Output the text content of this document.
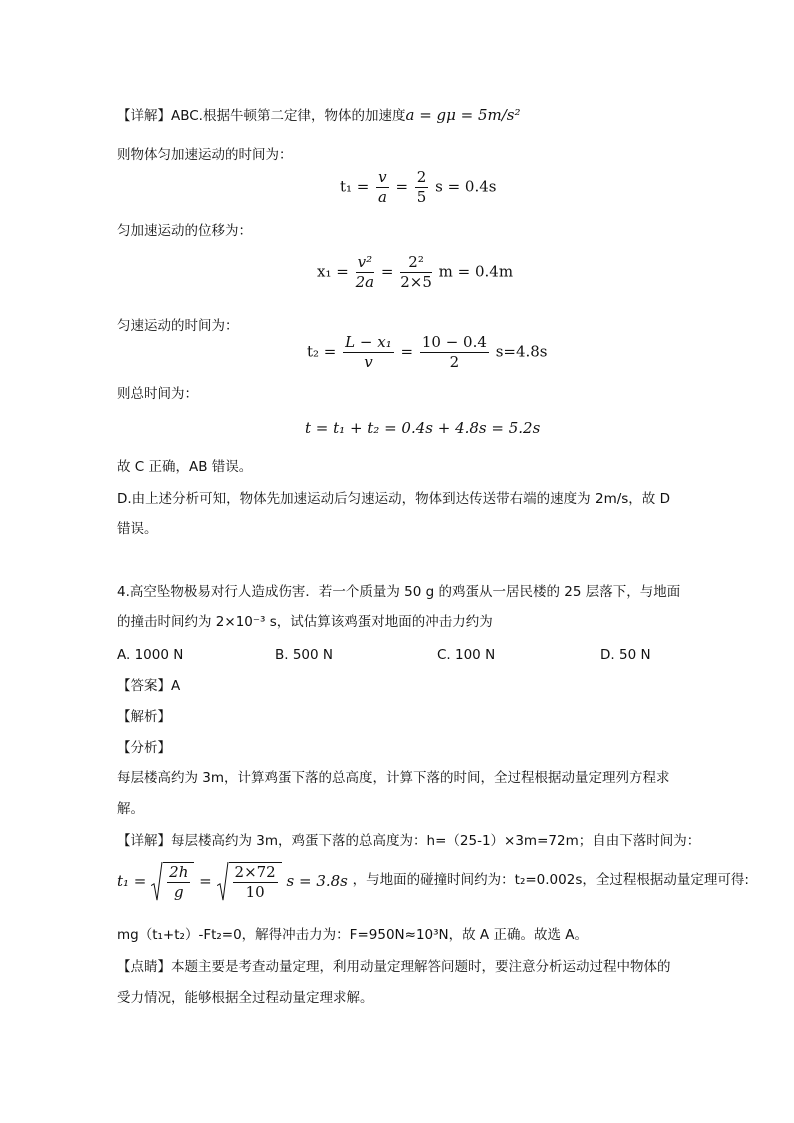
【详解】ABC.根据牛顿第二定律，物体的加速度a = gμ = 5m/s²
则物体匀加速运动的时间为：
$t_1 = \frac{v}{a} = \frac{2}{5}$ s = 0.4s
匀加速运动的位移为：
$x_1 = \frac{\text{v²}}{2a} = \frac{\text{2²}}{2\times 5}$ m = 0.4m
匀速运动的时间为：
$t_2 = \frac{\text{L − x₁}}{v} = \frac{10 - 0.4}{2} s=4.8s$
则总时间为：
t = t₁ + t₂ = 0.4s + 4.8s = 5.2s
故 C 正确，AB 错误。
D.由上述分析可知，物体先加速运动后匀速运动，物体到达传送带右端的速度为 2m/s，故 D
错误。
4.高空坠物极易对行人造成伤害．若一个质量为 50 g 的鸡蛋从一居民楼的 25 层落下，与地面
的撞击时间约为 2×10⁻³ s，试估算该鸡蛋对地面的冲击力约为
A. 1000 N	B. 500 N	C. 100 N	D. 50 N
【答案】A
【解析】
【分析】
每层楼高约为 3m，计算鸡蛋下落的总高度，计算下落的时间，全过程根据动量定理列方程求
解。
【详解】每层楼高约为 3m，鸡蛋下落的总高度为：h=（25-1）×3m=72m；自由下落时间为：
$t_1 = \frac{2h}{g} = \frac{2\times 72}{10}$ s = 3.8s ，与地面的碰撞时间约为：t₂=0.002s，全过程根据动量定理可得:
mg（t₁+t₂）-Ft₂=0，解得冲击力为：F=950N≈10³N，故 A 正确。故选 A。
【点睛】本题主要是考查动量定理，利用动量定理解答问题时，要注意分析运动过程中物体的
受力情况，能够根据全过程动量定理求解。
